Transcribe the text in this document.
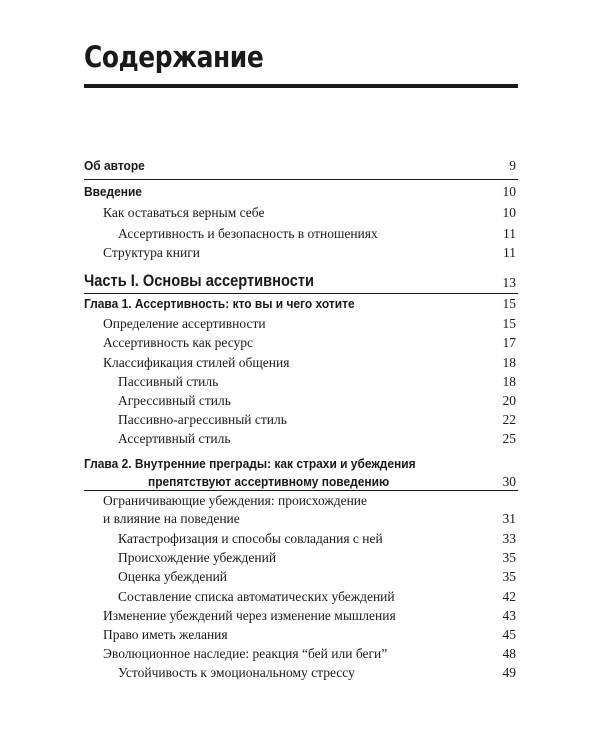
Содержание
Об авторе	9
Введение	10
Как оставаться верным себе	10
Ассертивность и безопасность в отношениях	11
Структура книги	11
Часть I. Основы ассертивности	13
Глава 1. Ассертивность: кто вы и чего хотите	15
Определение ассертивности	15
Ассертивность как ресурс	17
Классификация стилей общения	18
Пассивный стиль	18
Агрессивный стиль	20
Пассивно-агрессивный стиль	22
Ассертивный стиль	25
Глава 2. Внутренние преграды: как страхи и убеждения
препятствуют ассертивному поведению	30
Ограничивающие убеждения: происхождение
и влияние на поведение	31
Катастрофизация и способы совладания с ней	33
Происхождение убеждений	35
Оценка убеждений	35
Составление списка автоматических убеждений	42
Изменение убеждений через изменение мышления	43
Право иметь желания	45
Эволюционное наследие: реакция “бей или беги”	48
Устойчивость к эмоциональному стрессу	49
